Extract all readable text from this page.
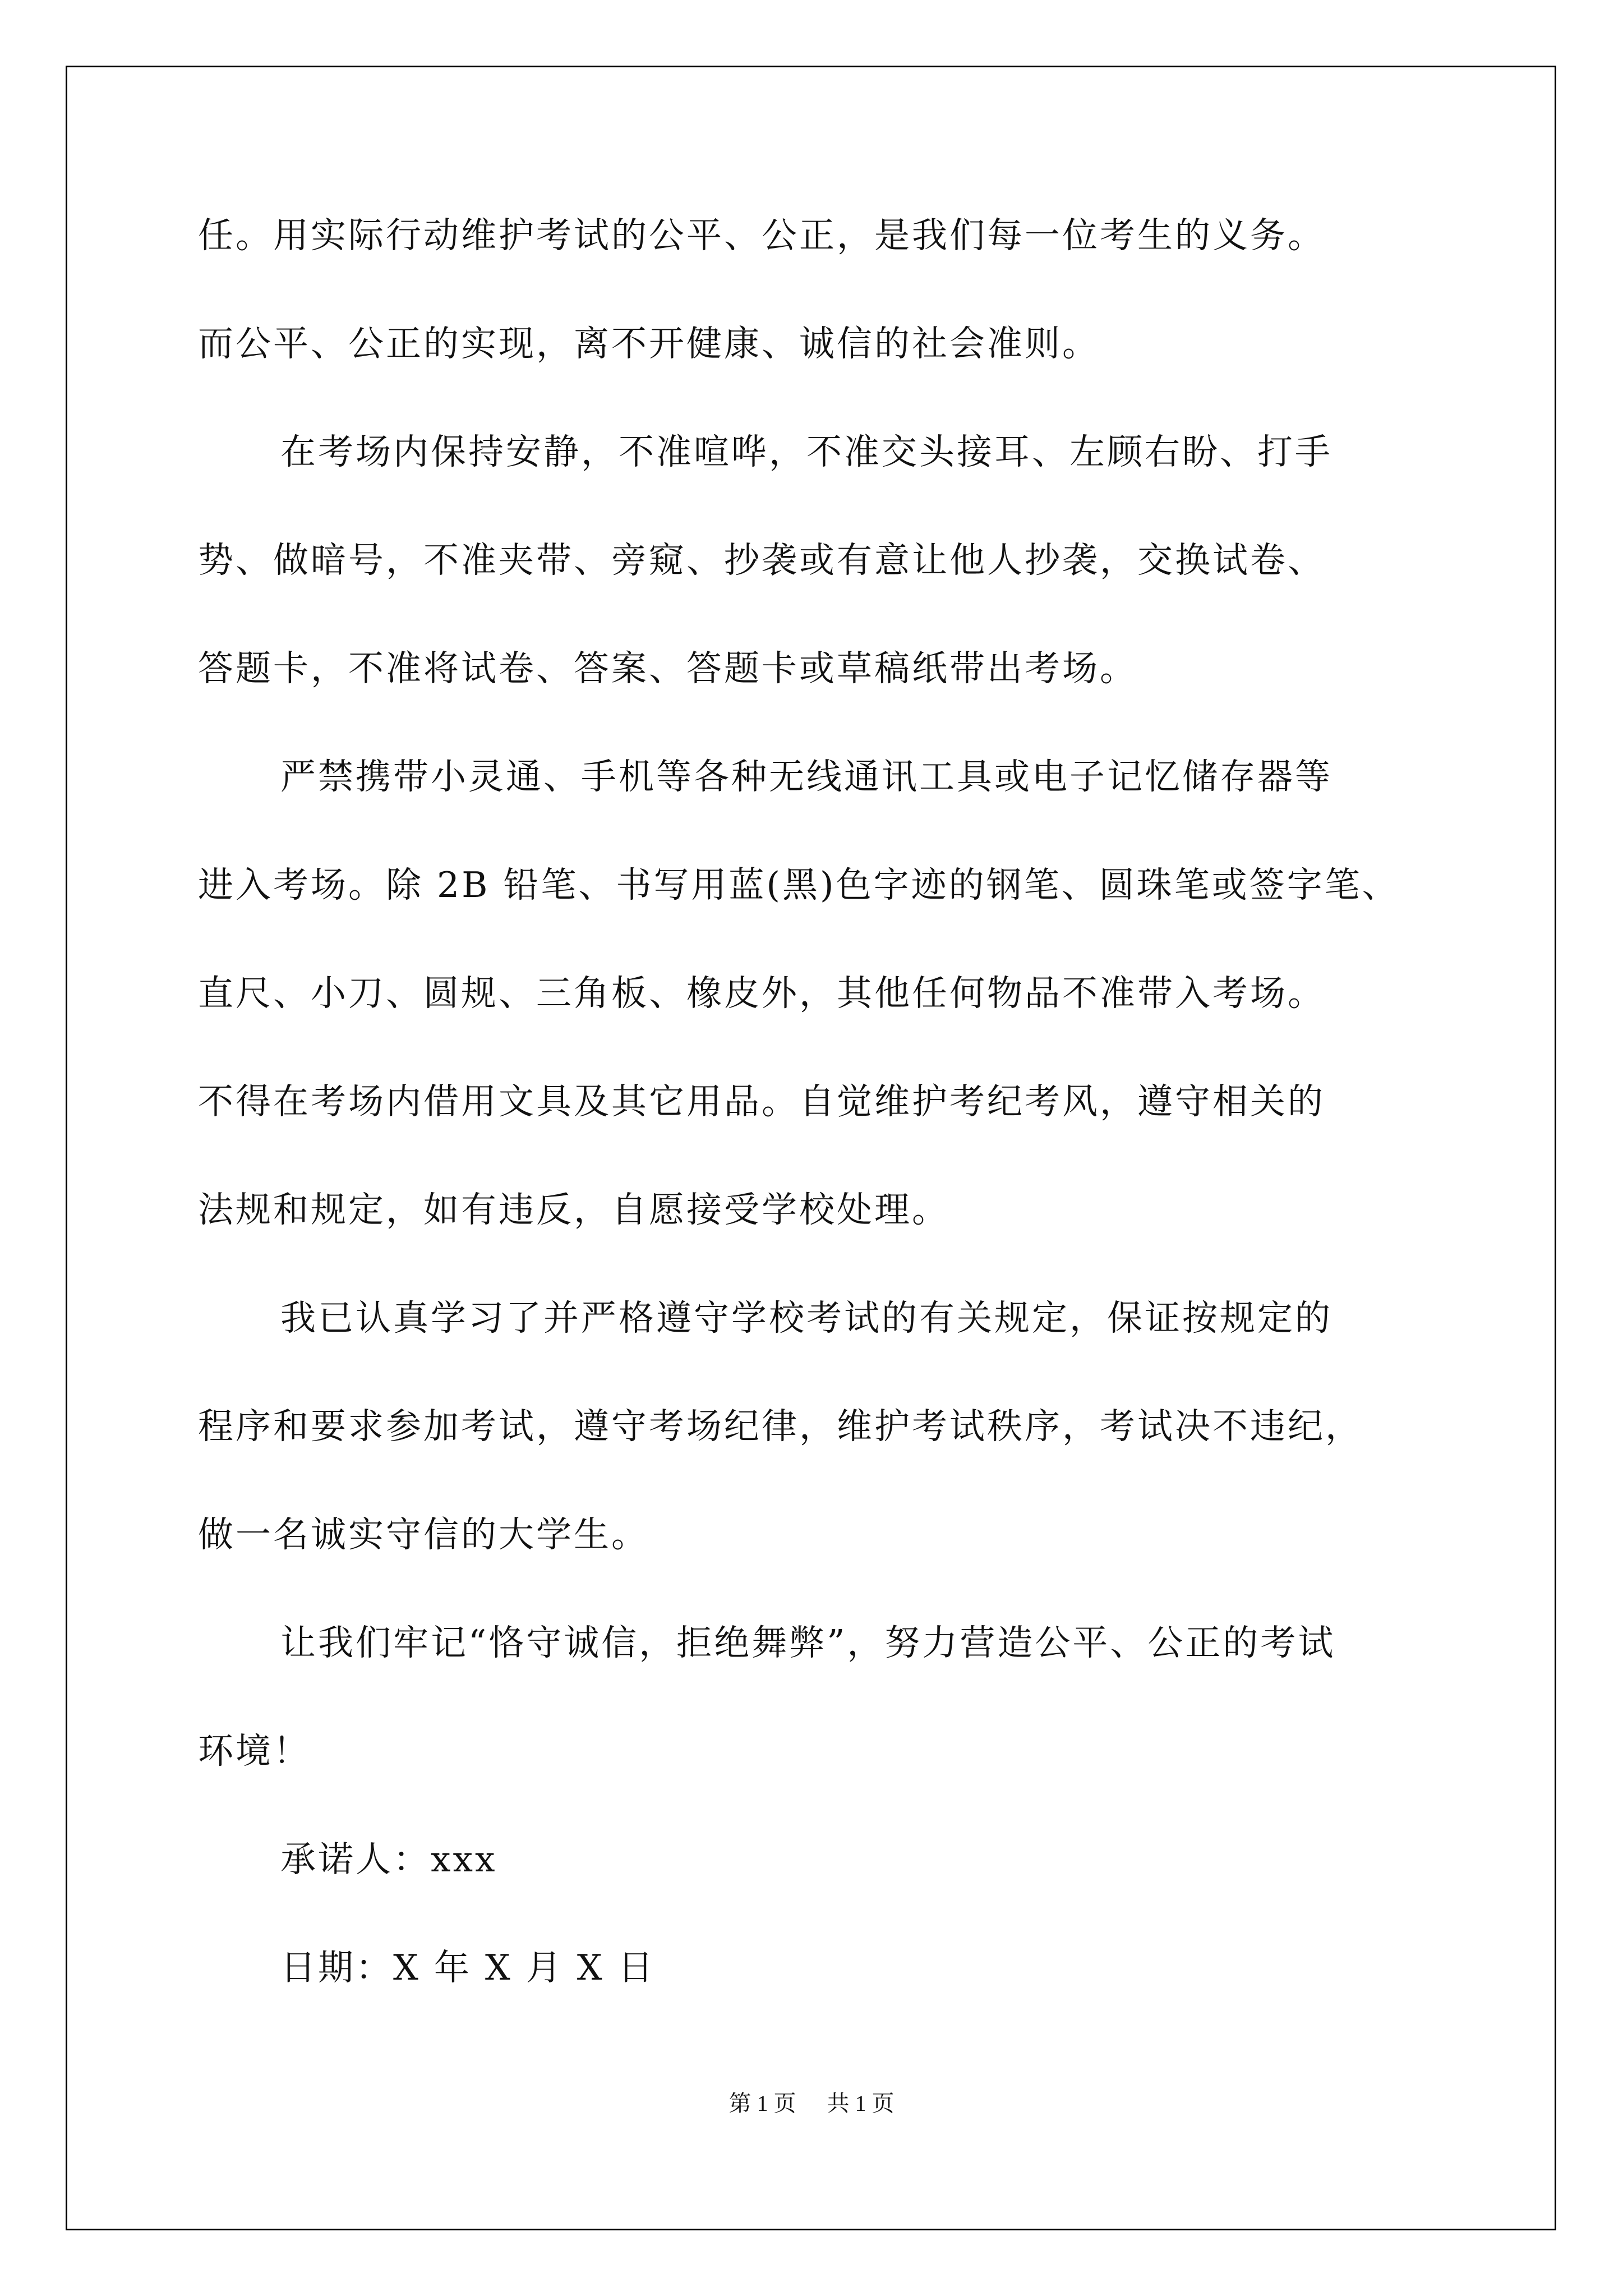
任。用实际行动维护考试的公平、公正，是我们每一位考生的义务。
而公平、公正的实现，离不开健康、诚信的社会准则。
在考场内保持安静，不准喧哗，不准交头接耳、左顾右盼、打手
势、做暗号，不准夹带、旁窥、抄袭或有意让他人抄袭，交换试卷、
答题卡，不准将试卷、答案、答题卡或草稿纸带出考场。
严禁携带小灵通、手机等各种无线通讯工具或电子记忆储存器等
进入考场。除 2B 铅笔、书写用蓝(黑)色字迹的钢笔、圆珠笔或签字笔、
直尺、小刀、圆规、三角板、橡皮外，其他任何物品不准带入考场。
不得在考场内借用文具及其它用品。自觉维护考纪考风，遵守相关的
法规和规定，如有违反，自愿接受学校处理。
我已认真学习了并严格遵守学校考试的有关规定，保证按规定的
程序和要求参加考试，遵守考场纪律，维护考试秩序，考试决不违纪，
做一名诚实守信的大学生。
让我们牢记“恪守诚信，拒绝舞弊”，努力营造公平、公正的考试
环境！
承诺人：xxx
日期：X 年 X 月 X 日
第 1 页 共 1 页
